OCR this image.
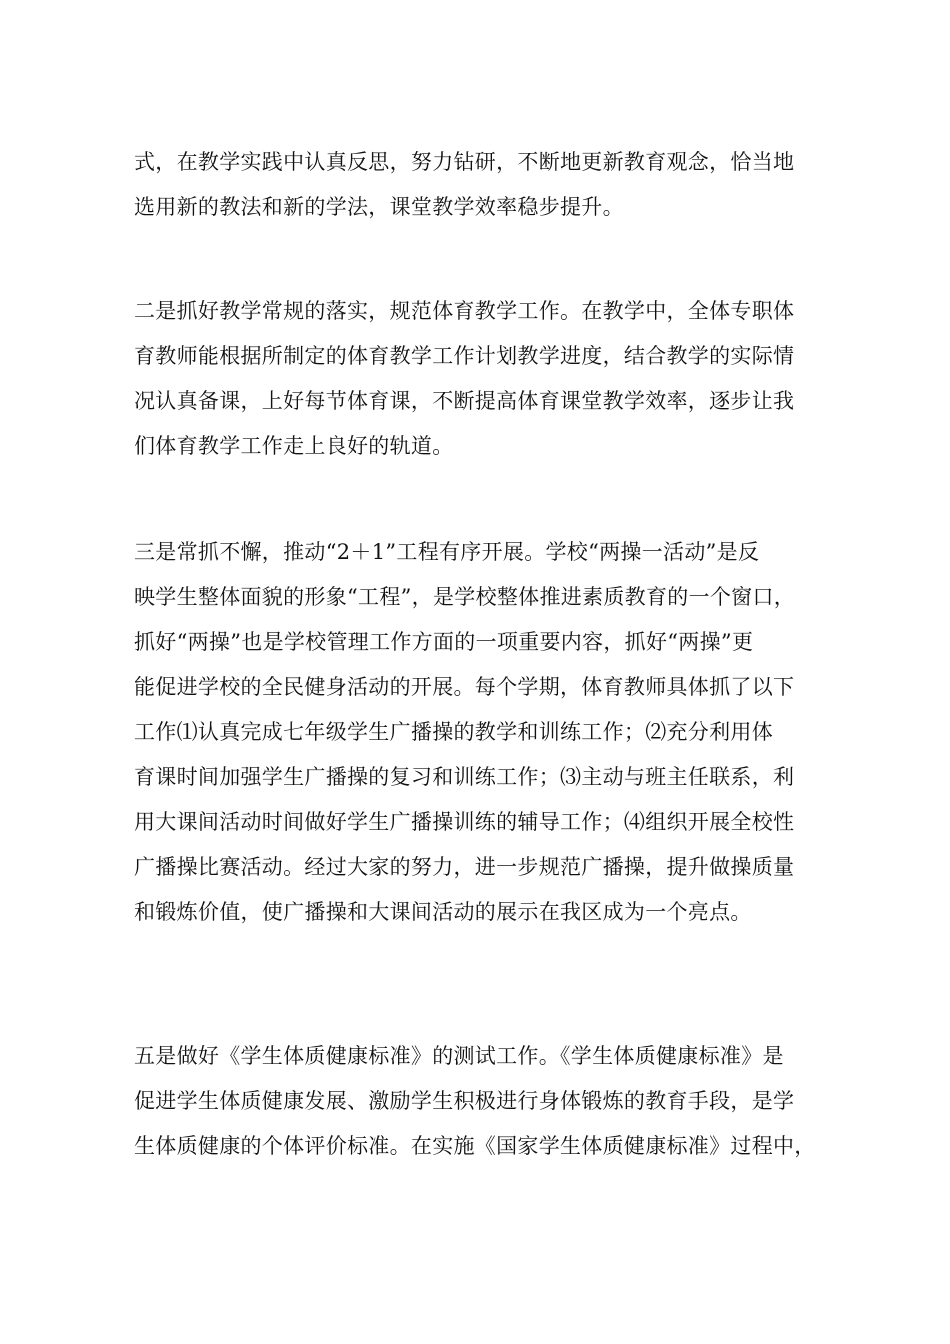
式，在教学实践中认真反思，努力钻研，不断地更新教育观念，恰当地
选用新的教法和新的学法，课堂教学效率稳步提升。
二是抓好教学常规的落实，规范体育教学工作。在教学中，全体专职体
育教师能根据所制定的体育教学工作计划教学进度，结合教学的实际情
况认真备课，上好每节体育课，不断提高体育课堂教学效率，逐步让我
们体育教学工作走上良好的轨道。
三是常抓不懈，推动“2＋1”工程有序开展。学校“两操一活动”是反
映学生整体面貌的形象“工程”，是学校整体推进素质教育的一个窗口，
抓好“两操”也是学校管理工作方面的一项重要内容，抓好“两操”更
能促进学校的全民健身活动的开展。每个学期，体育教师具体抓了以下
工作⑴认真完成七年级学生广播操的教学和训练工作；⑵充分利用体
育课时间加强学生广播操的复习和训练工作；⑶主动与班主任联系，利
用大课间活动时间做好学生广播操训练的辅导工作；⑷组织开展全校性
广播操比赛活动。经过大家的努力，进一步规范广播操，提升做操质量
和锻炼价值，使广播操和大课间活动的展示在我区成为一个亮点。
五是做好《学生体质健康标准》的测试工作。《学生体质健康标准》是
促进学生体质健康发展、激励学生积极进行身体锻炼的教育手段，是学
生体质健康的个体评价标准。在实施《国家学生体质健康标准》过程中，
